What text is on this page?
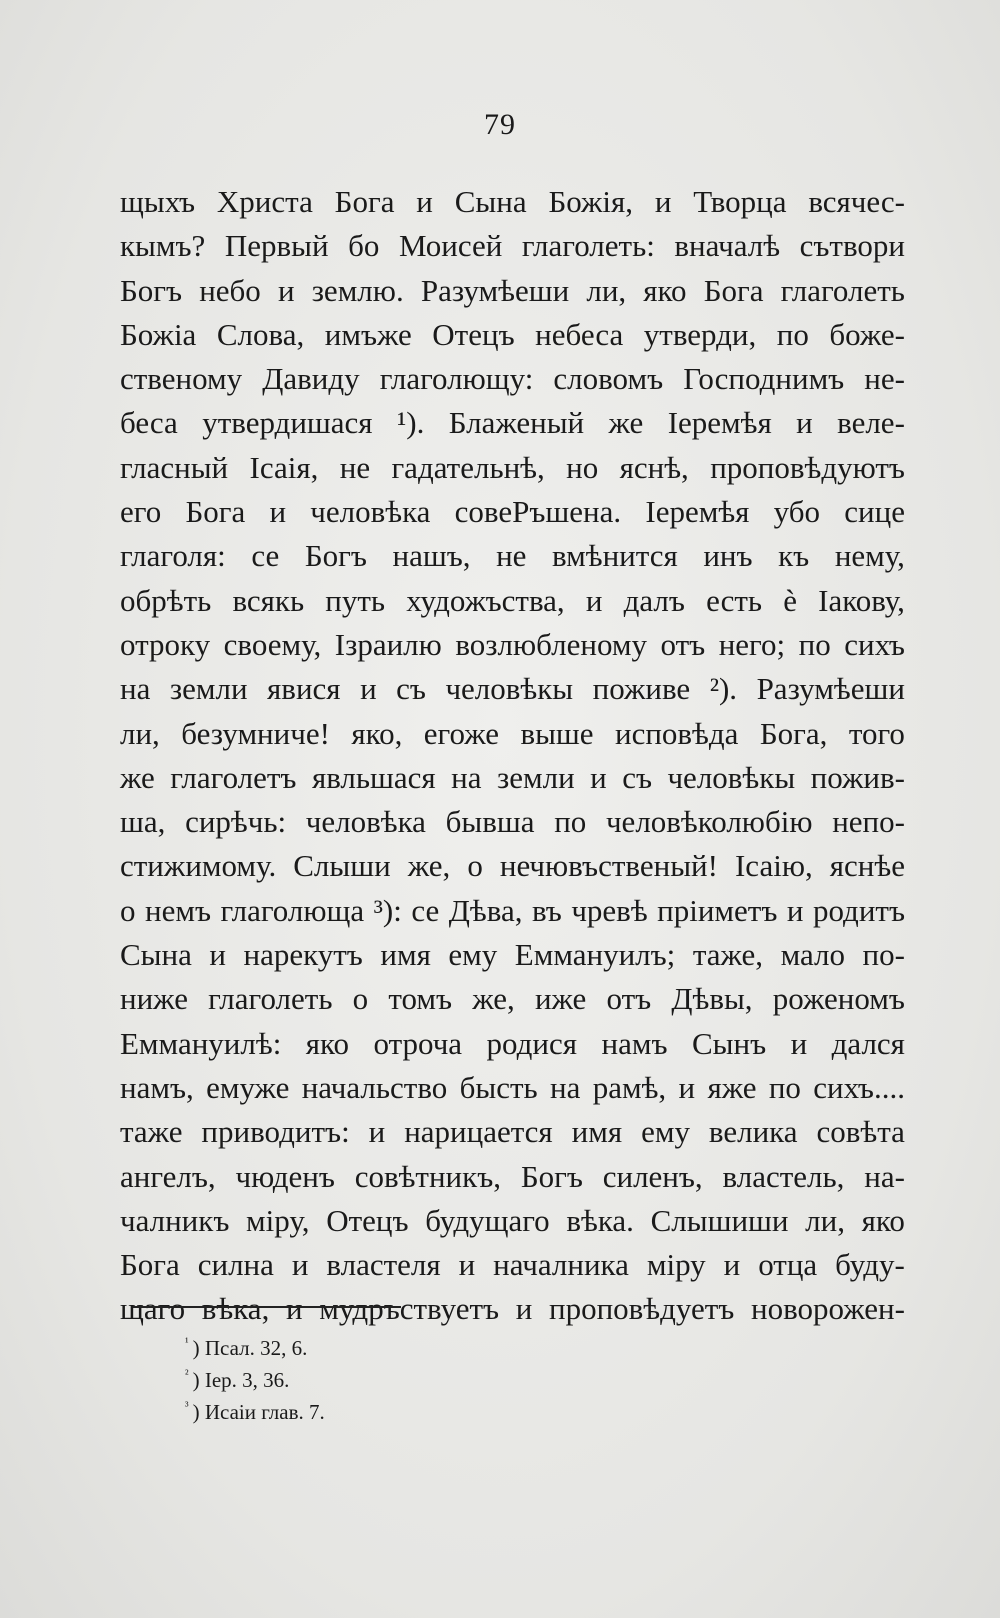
79
щыхъ Христа Бога и Сына Божія, и Творца всячес-
кымъ? Первый бо Моисей глаголеть: вначалѣ сътвори
Богъ небо и землю. Разумѣеши ли, яко Бога глаголеть
Божіа Слова, имъже Отецъ небеса утверди, по боже-
ственому Давиду глаголющу: словомъ Господнимъ не-
беса утвердишася ¹). Блаженый же Іеремѣя и веле-
гласный Ісаія, не гадательнѣ, но яснѣ, проповѣдуютъ
его Бога и человѣка совеРъшена. Іеремѣя убо сице
глаголя: се Богъ нашъ, не вмѣнится инъ къ нему,
обрѣть всякь путь художъства, и далъ есть ѐ Іакову,
отроку своему, Ізраилю возлюбленому отъ него; по сихъ
на земли явися и съ человѣкы поживе ²). Разумѣеши
ли, безумниче! яко, егоже выше исповѣда Бога, того
же глаголетъ явльшася на земли и съ человѣкы пожив-
ша, сирѣчь: человѣка бывша по человѣколюбію непо-
стижимому. Слыши же, о нечювъственый! Ісаію, яснѣе
о немъ глаголюща ³): се Дѣва, въ чревѣ пріиметъ и родитъ
Сына и нарекутъ имя ему Еммануилъ; таже, мало по-
ниже глаголеть о томъ же, иже отъ Дѣвы, роженомъ
Еммануилѣ: яко отроча родися намъ Сынъ и дался
намъ, емуже начальство бысть на рамѣ, и яже по сихъ....
таже приводитъ: и нарицается имя ему велика совѣта
ангелъ, чюденъ совѣтникъ, Богъ силенъ, властель, на-
чалникъ міру, Отецъ будущаго вѣка. Слышиши ли, яко
Бога силна и властеля и началника міру и отца буду-
щаго вѣка, и мудръствуетъ и проповѣдуетъ новорожен-
$^{^1}$ ) Псал. 32, 6.
$^{^2}$ ) Іер. 3, 36.
$^{^3}$ ) Исаіи глав. 7.
